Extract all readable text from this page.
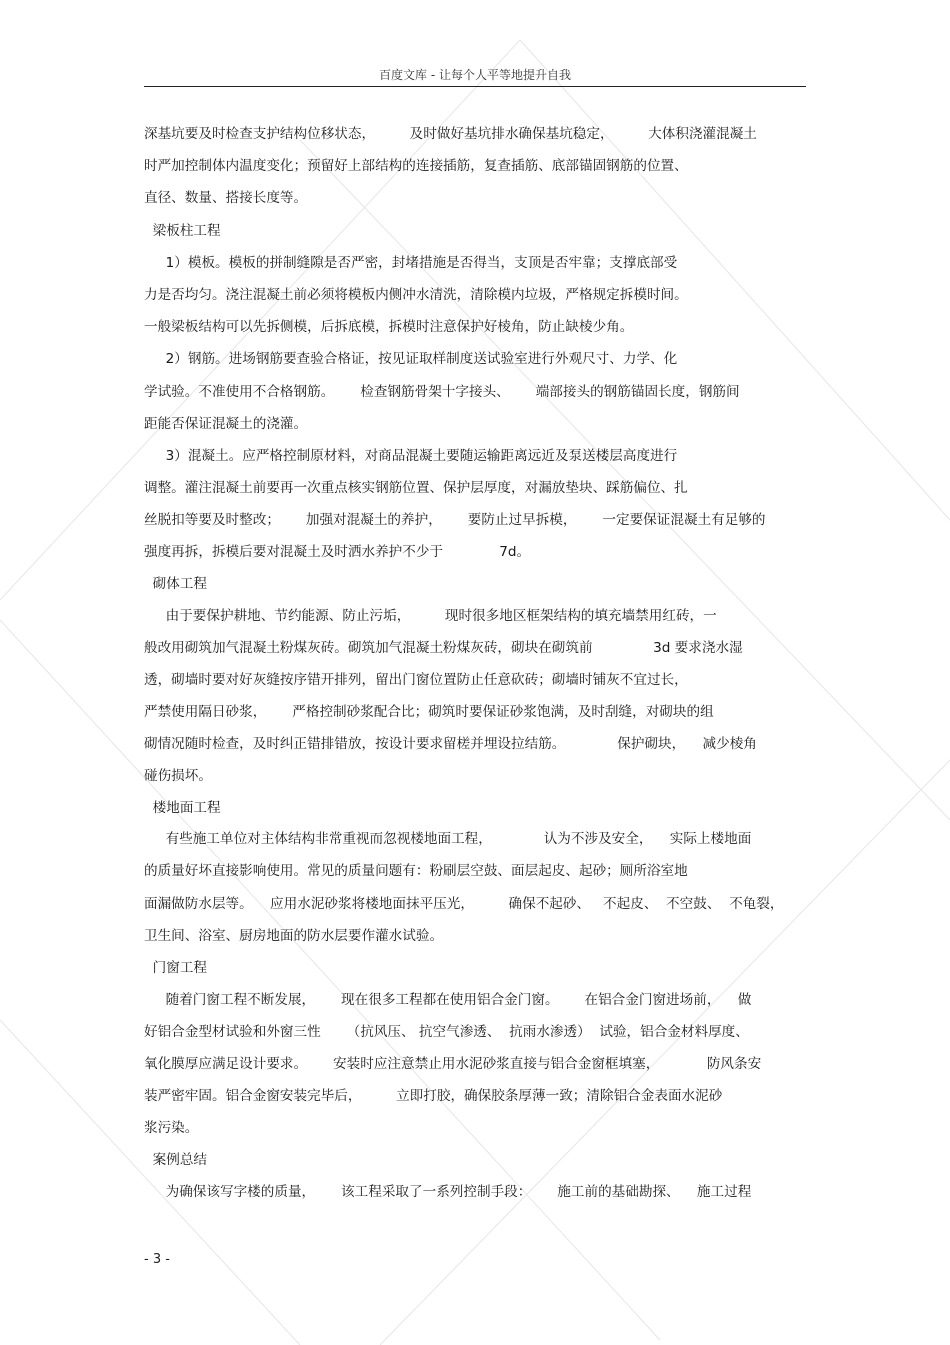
百度文库 - 让每个人平等地提升自我
深基坑要及时检查支护结构位移状态，        及时做好基坑排水确保基坑稳定，        大体积浇灌混凝土
时严加控制体内温度变化；预留好上部结构的连接插筋，复查插筋、底部锚固钢筋的位置、
直径、数量、搭接长度等。
梁板柱工程
1）模板。模板的拼制缝隙是否严密，封堵措施是否得当，支顶是否牢靠；支撑底部受
力是否均匀。浇注混凝土前必须将模板内侧冲水清洗，清除模内垃圾，严格规定拆模时间。
一般梁板结构可以先拆侧模，后拆底模，拆模时注意保护好棱角，防止缺棱少角。
2）钢筋。进场钢筋要查验合格证，按见证取样制度送试验室进行外观尺寸、力学、化
学试验。不准使用不合格钢筋。      检查钢筋骨架十字接头、      端部接头的钢筋锚固长度，钢筋间
距能否保证混凝土的浇灌。
3）混凝土。应严格控制原材料，对商品混凝土要随运输距离远近及泵送楼层高度进行
调整。灌注混凝土前要再一次重点核实钢筋位置、保护层厚度，对漏放垫块、踩筋偏位、扎
丝脱扣等要及时整改；      加强对混凝土的养护，      要防止过早拆模，      一定要保证混凝土有足够的
强度再拆，拆模后要对混凝土及时洒水养护不少于             7d。
砌体工程
由于要保护耕地、节约能源、防止污垢，        现时很多地区框架结构的填充墙禁用红砖，一
般改用砌筑加气混凝土粉煤灰砖。砌筑加气混凝土粉煤灰砖，砌块在砌筑前              3d 要求浇水湿
透，砌墙时要对好灰缝按序错开排列，留出门窗位置防止任意砍砖；砌墙时铺灰不宜过长，
严禁使用隔日砂浆，      严格控制砂浆配合比；砌筑时要保证砂浆饱满，及时刮缝，对砌块的组
砌情况随时检查，及时纠正错排错放，按设计要求留槎并埋设拉结筋。            保护砌块，    减少棱角
碰伤损坏。
楼地面工程
有些施工单位对主体结构非常重视而忽视楼地面工程，            认为不涉及安全，    实际上楼地面
的质量好坏直接影响使用。常见的质量问题有：粉刷层空鼓、面层起皮、起砂；厕所浴室地
面漏做防水层等。    应用水泥砂浆将楼地面抹平压光，        确保不起砂、   不起皮、  不空鼓、  不龟裂，
卫生间、浴室、厨房地面的防水层要作灌水试验。
门窗工程
随着门窗工程不断发展，      现在很多工程都在使用铝合金门窗。      在铝合金门窗进场前，    做
好铝合金型材试验和外窗三性      （抗风压、 抗空气渗透、  抗雨水渗透）  试验，铝合金材料厚度、
氧化膜厚应满足设计要求。      安装时应注意禁止用水泥砂浆直接与铝合金窗框填塞，           防风条安
装严密牢固。铝合金窗安装完毕后，        立即打胶，确保胶条厚薄一致；清除铝合金表面水泥砂
浆污染。
案例总结
为确保该写字楼的质量，      该工程采取了一系列控制手段：      施工前的基础勘探、    施工过程
- 3 -
